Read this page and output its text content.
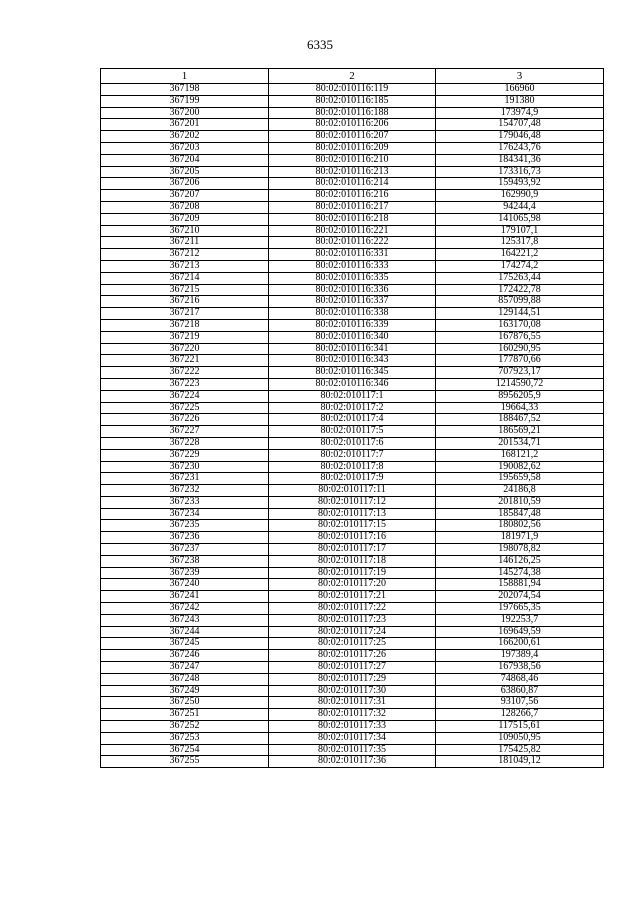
6335
1	2	3
367198	80:02:010116:119	166960
367199	80:02:010116:185	191380
367200	80:02:010116:188	173974,9
367201	80:02:010116:206	154707,48
367202	80:02:010116:207	179046,48
367203	80:02:010116:209	176243,76
367204	80:02:010116:210	184341,36
367205	80:02:010116:213	173316,73
367206	80:02:010116:214	159493,92
367207	80:02:010116:216	162990,9
367208	80:02:010116:217	94244,4
367209	80:02:010116:218	141065,98
367210	80:02:010116:221	179107,1
367211	80:02:010116:222	125317,8
367212	80:02:010116:331	164221,2
367213	80:02:010116:333	174274,2
367214	80:02:010116:335	175263,44
367215	80:02:010116:336	172422,78
367216	80:02:010116:337	857099,88
367217	80:02:010116:338	129144,51
367218	80:02:010116:339	163170,08
367219	80:02:010116:340	167876,55
367220	80:02:010116:341	160290,95
367221	80:02:010116:343	177870,66
367222	80:02:010116:345	707923,17
367223	80:02:010116:346	1214590,72
367224	80:02:010117:1	8956205,9
367225	80:02:010117:2	19664,33
367226	80:02:010117:4	188467,52
367227	80:02:010117:5	186569,21
367228	80:02:010117:6	201534,71
367229	80:02:010117:7	168121,2
367230	80:02:010117:8	190082,62
367231	80:02:010117:9	195659,58
367232	80:02:010117:11	24186,8
367233	80:02:010117:12	201810,59
367234	80:02:010117:13	185847,48
367235	80:02:010117:15	180802,56
367236	80:02:010117:16	181971,9
367237	80:02:010117:17	198078,82
367238	80:02:010117:18	146126,25
367239	80:02:010117:19	145274,38
367240	80:02:010117:20	158881,94
367241	80:02:010117:21	202074,54
367242	80:02:010117:22	197665,35
367243	80:02:010117:23	192253,7
367244	80:02:010117:24	169649,59
367245	80:02:010117:25	166200,61
367246	80:02:010117:26	197389,4
367247	80:02:010117:27	167938,56
367248	80:02:010117:29	74868,46
367249	80:02:010117:30	63860,87
367250	80:02:010117:31	93107,56
367251	80:02:010117:32	128266,7
367252	80:02:010117:33	117515,61
367253	80:02:010117:34	109050,95
367254	80:02:010117:35	175425,82
367255	80:02:010117:36	181049,12
